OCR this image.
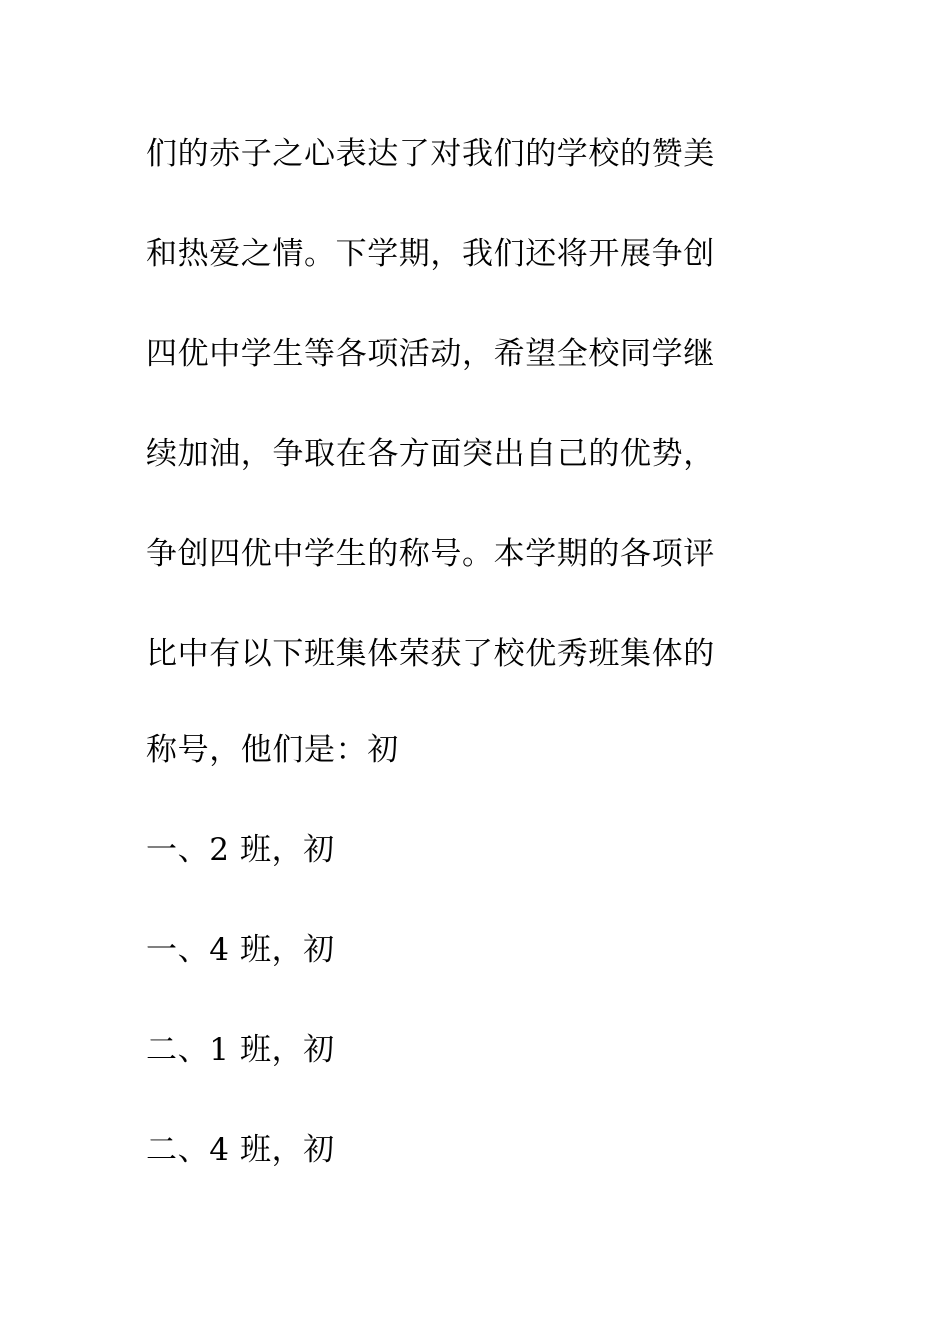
们的赤子之心表达了对我们的学校的赞美
和热爱之情。下学期，我们还将开展争创
四优中学生等各项活动，希望全校同学继
续加油，争取在各方面突出自己的优势，
争创四优中学生的称号。本学期的各项评
比中有以下班集体荣获了校优秀班集体的
称号，他们是：初
一、2 班，初
一、4 班，初
二、1 班，初
二、4 班，初
